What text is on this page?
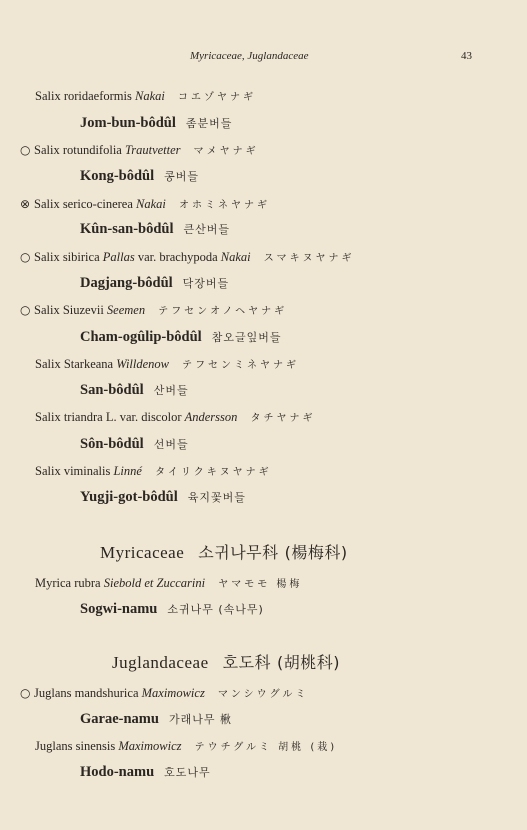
Myricaceae, Juglandaceae	43
Salix roridaeformis Nakai コエゾヤナギ
Jom-bun-bôdûl 좀분버들
○ Salix rotundifolia Trautvetter マメヤナギ
Kong-bôdûl 콩버들
⊗ Salix serico-cinerea Nakai オホミネヤナギ
Kûn-san-bôdûl 큰산버들
○ Salix sibirica Pallas var. brachypoda Nakai スマキヌヤナギ
Dagjang-bôdûl 닥장버들
○ Salix Siuzevii Seemen テフセンオノヘヤナギ
Cham-ogûlip-bôdûl 참오글잎버들
Salix Starkeana Willdenow テフセンミネヤナギ
San-bôdûl 산버들
Salix triandra L. var. discolor Andersson タチヤナギ
Sôn-bôdûl 선버들
Salix viminalis Linné タイリクキヌヤナギ
Yugji-got-bôdûl 육지꽃버들
Myricaceae 소귀나무科 (楊梅科)
Myrica rubra Siebold et Zuccarini ヤマモモ 楊梅
Sogwi-namu 소귀나무 (속나무)
Juglandaceae 호도科 (胡桃科)
○ Juglans mandshurica Maximowicz マンシウグルミ
Garae-namu 가래나무 楸
Juglans sinensis Maximowicz テウチグルミ 胡桃 (栽)
Hodo-namu 호도나무
